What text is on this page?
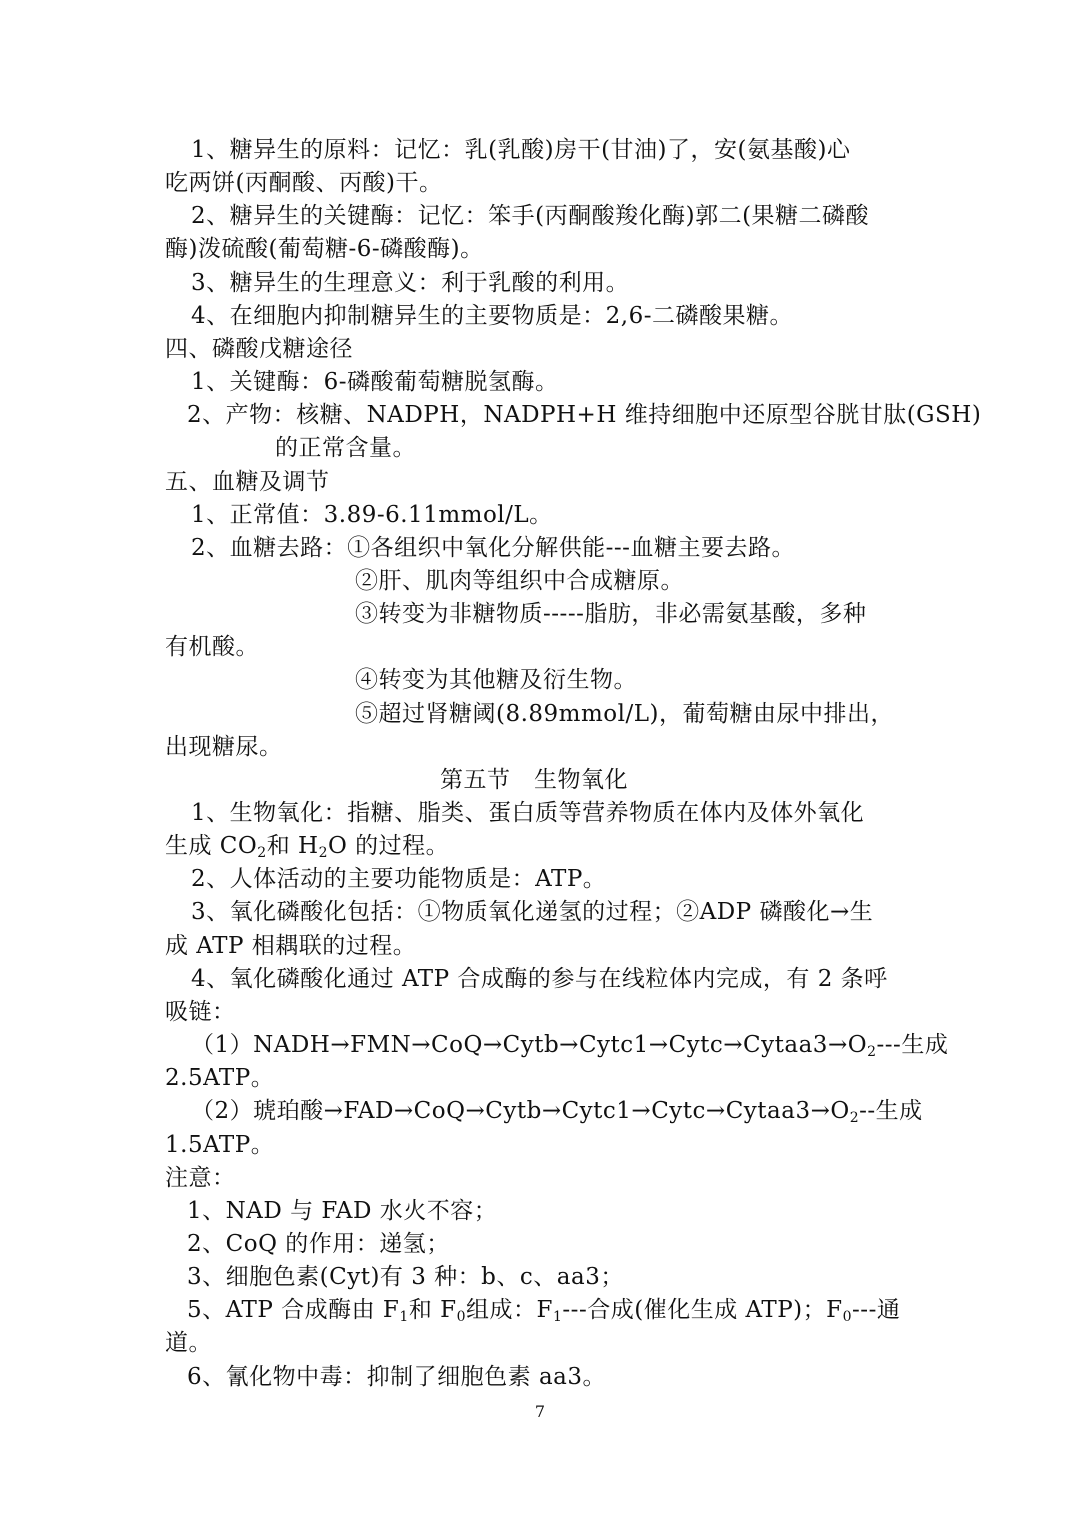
1、糖异生的原料：记忆：乳(乳酸)房干(甘油)了，安(氨基酸)心
吃两饼(丙酮酸、丙酸)干。
2、糖异生的关键酶：记忆：笨手(丙酮酸羧化酶)郭二(果糖二磷酸
酶)泼硫酸(葡萄糖-6-磷酸酶)。
3、糖异生的生理意义：利于乳酸的利用。
4、在细胞内抑制糖异生的主要物质是：2,6-二磷酸果糖。
四、磷酸戊糖途径
1、关键酶：6-磷酸葡萄糖脱氢酶。
2、产物：核糖、NADPH，NADPH+H 维持细胞中还原型谷胱甘肽(GSH)
的正常含量。
五、血糖及调节
1、正常值：3.89-6.11mmol/L。
2、血糖去路：①各组织中氧化分解供能---血糖主要去路。
②肝、肌肉等组织中合成糖原。
③转变为非糖物质-----脂肪，非必需氨基酸，多种
有机酸。
④转变为其他糖及衍生物。
⑤超过肾糖阈(8.89mmol/L)，葡萄糖由尿中排出，
出现糖尿。
第五节　生物氧化
1、生物氧化：指糖、脂类、蛋白质等营养物质在体内及体外氧化
生成 $CO_2$和 $H_2O$ 的过程。
2、人体活动的主要功能物质是：ATP。
3、氧化磷酸化包括：①物质氧化递氢的过程；②ADP 磷酸化→生
成 ATP 相耦联的过程。
4、氧化磷酸化通过 ATP 合成酶的参与在线粒体内完成，有 2 条呼
吸链：
$(1)NADH\to FMN\to CoQ\to Cytb\to Cytc1\to Cytc\to Cytaa3\to O_2---$生成
2.5ATP。
（2）琥珀酸$\to FAD\to CoQ\to Cytb\to Cytc1\to Cytc\to Cytaa3\to O_2--$生成
1.5ATP。
注意：
1、NAD 与 FAD 水火不容；
2、CoQ 的作用：递氢；
3、细胞色素(Cyt)有 3 种：b、c、aa3；
5、ATP 合成酶由 $F_1$和 $F_0$组成：$F_1---$合成(催化生成 ATP)；$F_0---$通
道。
6、氰化物中毒：抑制了细胞色素 aa3。
7
